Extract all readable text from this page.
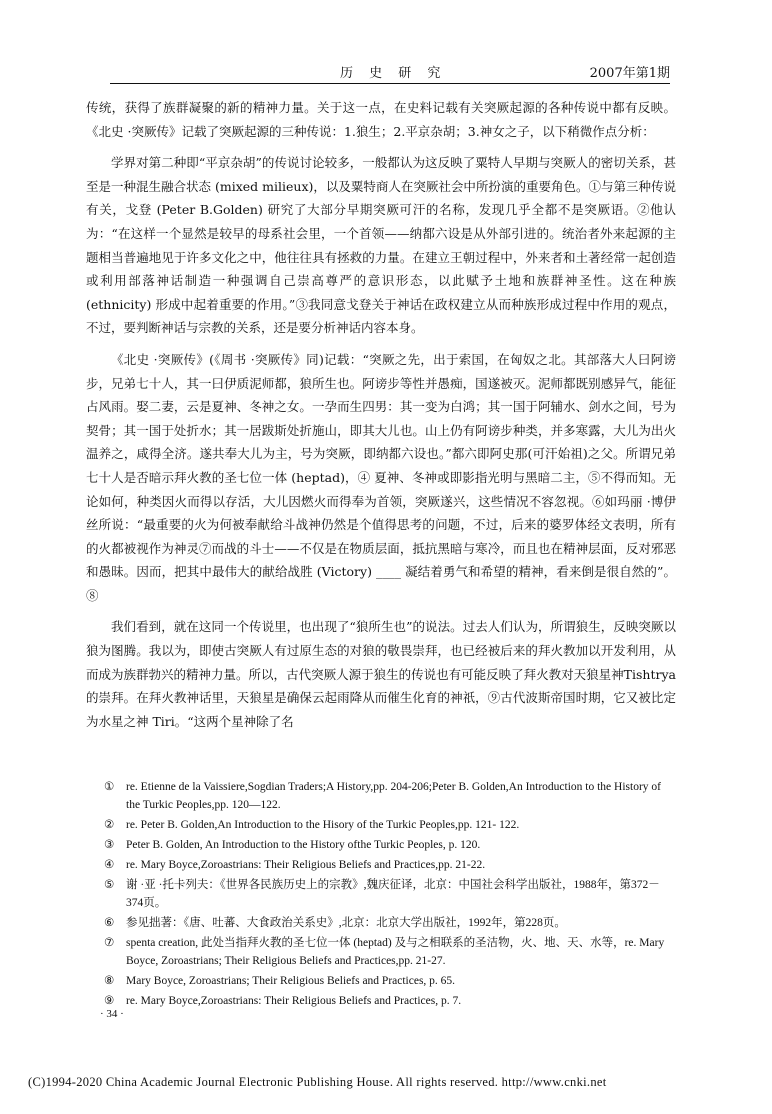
历 史 研 究	2007年第1期

传统，获得了族群凝聚的新的精神力量。关于这一点，在史料记载有关突厥起源的各种传说中都有反映。《北史 ·突厥传》记载了突厥起源的三种传说：1.狼生；2.平京杂胡；3.神女之子，以下稍微作点分析：

学界对第二种即“平京杂胡”的传说讨论较多，一般都认为这反映了粟特人早期与突厥人的密切关系，甚至是一种混生融合状态 (mixed milieux)，以及粟特商人在突厥社会中所扮演的重要角色。①与第三种传说有关，戈登 (Peter B.Golden) 研究了大部分早期突厥可汗的名称，发现几乎全都不是突厥语。②他认为：“在这样一个显然是较早的母系社会里，一个首领——纳都六设是从外部引进的。统治者外来起源的主题相当普遍地见于许多文化之中，他往往具有拯救的力量。在建立王朝过程中，外来者和土著经常一起创造或利用部落神话制造一种强调自己崇高尊严的意识形态，以此赋予土地和族群神圣性。这在种族 (ethnicity) 形成中起着重要的作用。”③我同意戈登关于神话在政权建立从而种族形成过程中作用的观点，不过，要判断神话与宗教的关系，还是要分析神话内容本身。

《北史 ·突厥传》(《周书 ·突厥传》同)记载：“突厥之先，出于索国，在匈奴之北。其部落大人曰阿谤步，兄弟七十人，其一曰伊质泥师都，狼所生也。阿谤步等性并愚痴，国遂被灭。泥师都既别感异气，能征占风雨。娶二妻，云是夏神、冬神之女。一孕而生四男：其一变为白鸿；其一国于阿辅水、剑水之间，号为契骨；其一国于处折水；其一居跋斯处折施山，即其大儿也。山上仍有阿谤步种类，并多寒露，大儿为出火温养之，咸得全济。遂共奉大儿为主，号为突厥，即纳都六设也。”都六即阿史那(可汗始祖)之父。所谓兄弟七十人是否暗示拜火教的圣七位一体 (heptad)，④ 夏神、冬神或即影指光明与黑暗二主，⑤不得而知。无论如何，种类因火而得以存活，大儿因燃火而得奉为首领，突厥遂兴，这些情况不容忽视。⑥如玛丽 ·博伊丝所说：“最重要的火为何被奉献给斗战神仍然是个值得思考的问题，不过，后来的婆罗体经文表明，所有的火都被视作为神灵⑦而战的斗士——不仅是在物质层面，抵抗黑暗与寒冷，而且也在精神层面，反对邪恶和愚昧。因而，把其中最伟大的献给战胜 (Victory) ____ 凝结着勇气和希望的精神，看来倒是很自然的”。⑧

我们看到，就在这同一个传说里，也出现了“狼所生也”的说法。过去人们认为，所谓狼生，反映突厥以狼为图腾。我以为，即使古突厥人有过原生态的对狼的敬畏崇拜，也已经被后来的拜火教加以开发利用，从而成为族群勃兴的精神力量。所以，古代突厥人源于狼生的传说也有可能反映了拜火教对天狼星神Tishtrya的崇拜。在拜火教神话里，天狼星是确保云起雨降从而催生化育的神祇，⑨古代波斯帝国时期，它又被比定为水星之神 Tiri。“这两个星神除了名

①	re. Etienne de la Vaissiere,Sogdian Traders;A History,pp. 204-206;Peter B. Golden,An Introduction to the History of the Turkic Peoples,pp. 120—122.
②	re. Peter B. Golden,An Introduction to the Hisory of the Turkic Peoples,pp. 121- 122.
③	Peter B. Golden, An Introduction to the History ofthe Turkic Peoples, p. 120.
④	re. Mary Boyce,Zoroastrians: Their Religious Beliefs and Practices,pp. 21-22.
⑤	谢 ·亚 ·托卡列夫：《世界各民族历史上的宗教》,魏庆征译，北京：中国社会科学出版社，1988年，第372－374页。
⑥	参见拙著：《唐、吐蕃、大食政治关系史》,北京：北京大学出版社，1992年，第228页。
⑦	spenta creation, 此处当指拜火教的圣七位一体 (heptad) 及与之相联系的圣洁物，火、地、天、水等，re. Mary Boyce, Zoroastrians; Their Religious Beliefs and Practices,pp. 21-27.
⑧	Mary Boyce, Zoroastrians; Their Religious Beliefs and Practices, p. 65.
⑨	re. Mary Boyce,Zoroastrians: Their Religious Beliefs and Practices, p. 7.
· 34 ·
(C)1994-2020 China Academic Journal Electronic Publishing House. All rights reserved. http://www.cnki.net
